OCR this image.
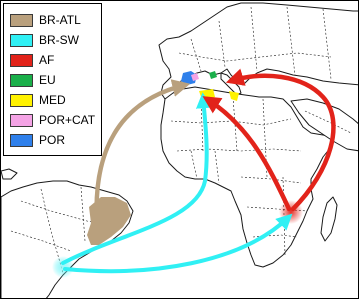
BR-ATL
BR-SW
AF
EU
MED
POR+CAT
POR
